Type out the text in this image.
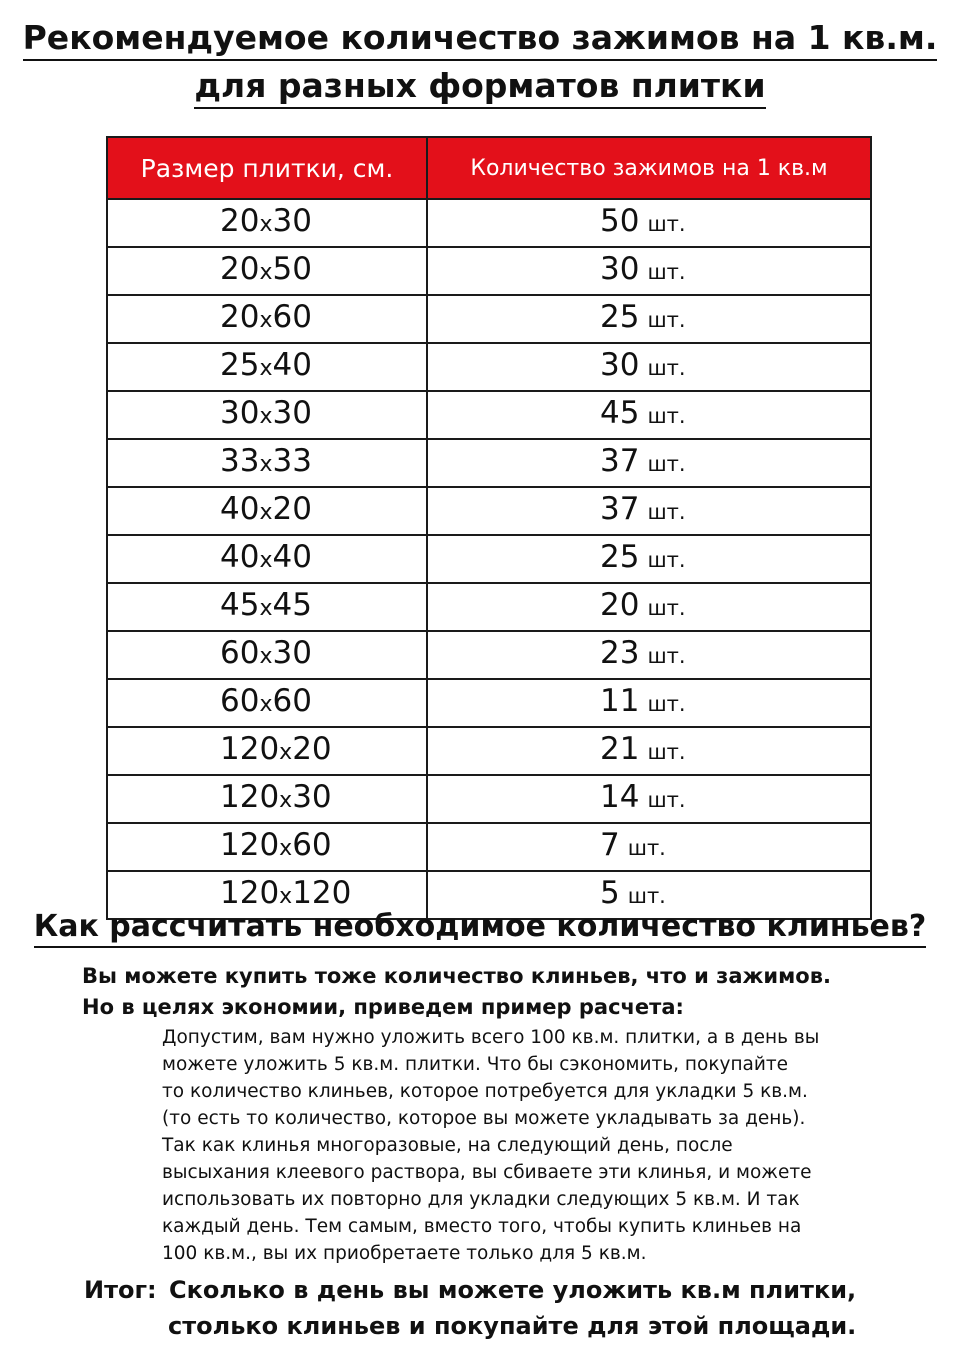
Рекомендуемое количество зажимов на 1 кв.м.
для разных форматов плитки
Размер плитки, см.	Количество зажимов на 1 кв.м
20x30	50 шт.
20x50	30 шт.
20x60	25 шт.
25x40	30 шт.
30x30	45 шт.
33x33	37 шт.
40x20	37 шт.
40x40	25 шт.
45x45	20 шт.
60x30	23 шт.
60x60	11 шт.
120x20	21 шт.
120x30	14 шт.
120x60	7 шт.
120x120	5 шт.
Как рассчитать необходимое количество клиньев?
Вы можете купить тоже количество клиньев, что и зажимов.
Но в целях экономии, приведем пример расчета:
Допустим, вам нужно уложить всего 100 кв.м. плитки, а в день вы
можете уложить 5 кв.м. плитки. Что бы сэкономить, покупайте
то количество клиньев, которое потребуется для укладки 5 кв.м.
(то есть то количество, которое вы можете укладывать за день).
Так как клинья многоразовые, на следующий день, после
высыхания клеевого раствора, вы сбиваете эти клинья, и можете
использовать их повторно для укладки следующих 5 кв.м. И так
каждый день. Тем самым, вместо того, чтобы купить клиньев на
100 кв.м., вы их приобретаете только для 5 кв.м.
Итог: Сколько в день вы можете уложить кв.м плитки,
столько клиньев и покупайте для этой площади.
